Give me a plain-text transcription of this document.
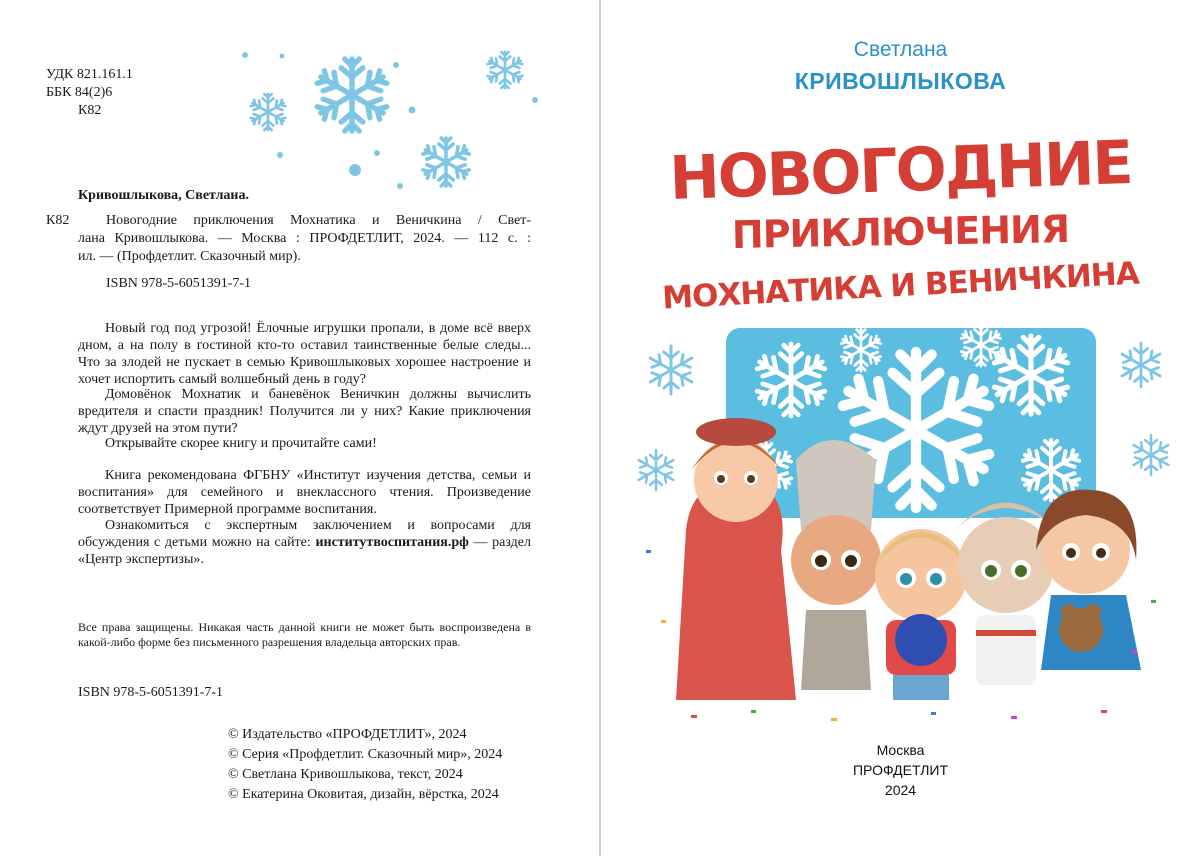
УДК 821.161.1
ББК 84(2)6
К82
Кривошлыкова, Светлана.
К82	Новогодние приключения Мохнатика и Веничкина / Свет-
лана Кривошлыкова. — Москва : ПРОФДЕТЛИТ, 2024. — 112 с. :
ил. — (Профдетлит. Сказочный мир).
ISBN 978-5-6051391-7-1
Новый год под угрозой! Ёлочные игрушки пропали, в доме всё вверх дном, а на полу в гостиной кто-то оставил таинственные белые следы... Что за злодей не пускает в семью Кривошлыковых хорошее настроение и хочет испортить самый волшебный день в году?
Домовёнок Мохнатик и баневёнок Веничкин должны вычислить вредителя и спасти праздник! Получится ли у них? Какие приключения ждут друзей на этом пути?
Открывайте скорее книгу и прочитайте сами!
Книга рекомендована ФГБНУ «Институт изучения детства, семьи и воспитания» для семейного и внеклассного чтения. Произведение соответствует Примерной программе воспитания.
Ознакомиться с экспертным заключением и вопросами для обсуждения с детьми можно на сайте: институтвоспитания.рф — раздел «Центр экспертизы».
Все права защищены. Никакая часть данной книги не может быть воспроизведена в какой-либо форме без письменного разрешения владельца авторских прав.
ISBN 978-5-6051391-7-1
© Издательство «ПРОФДЕТЛИТ», 2024
© Серия «Профдетлит. Сказочный мир», 2024
© Светлана Кривошлыкова, текст, 2024
© Екатерина Оковитая, дизайн, вёрстка, 2024
Светлана
КРИВОШЛЫКОВА
НОВОГОДНИЕ
ПРИКЛЮЧЕНИЯ
МОХНАТИКА И ВЕНИЧКИНА
Москва
ПРОФДЕТЛИТ
2024
